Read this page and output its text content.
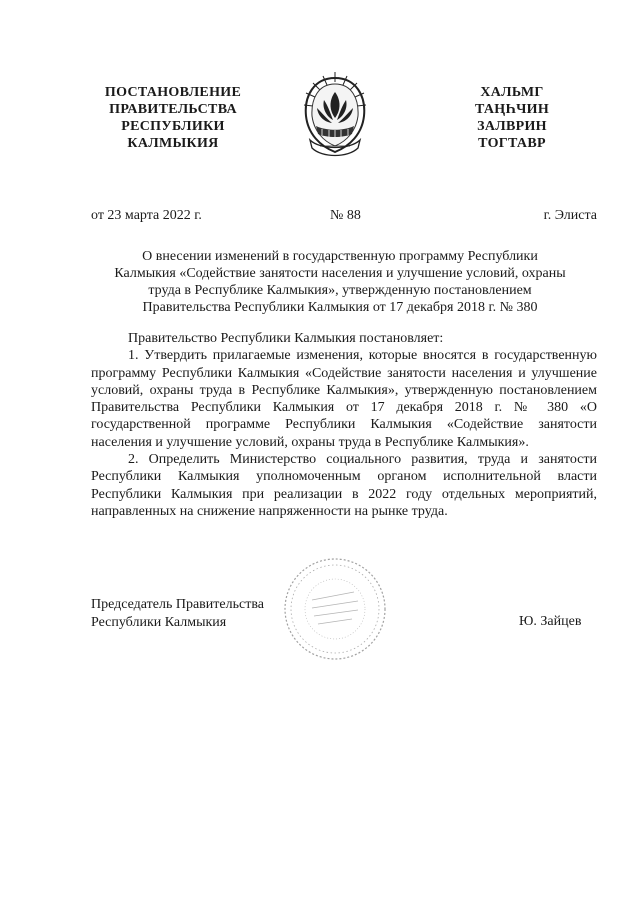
ПОСТАНОВЛЕНИЕ
ПРАВИТЕЛЬСТВА
РЕСПУБЛИКИ
КАЛМЫКИЯ
ХАЛЬМГ
ТАҢҺЧИН
ЗАЛВРИН
ТОГТАВР
от 23 марта 2022 г.	№ 88	г. Элиста
О внесении изменений в государственную программу Республики
Калмыкия «Содействие занятости населения и улучшение условий, охраны
труда в Республике Калмыкия», утвержденную постановлением
Правительства Республики Калмыкия от 17 декабря 2018 г. № 380

Правительство Республики Калмыкия постановляет:

1. Утвердить прилагаемые изменения, которые вносятся в государственную программу Республики Калмыкия «Содействие занятости населения и улучшение условий, охраны труда в Республике Калмыкия», утвержденную постановлением Правительства Республики Калмыкия от 17 декабря 2018 г. № 380 «О государственной программе Республики Калмыкия «Содействие занятости населения и улучшение условий, охраны труда в Республике Калмыкия».

2. Определить Министерство социального развития, труда и занятости Республики Калмыкия уполномоченным органом исполнительной власти Республики Калмыкия при реализации в 2022 году отдельных мероприятий, направленных на снижение напряженности на рынке труда.

Председатель Правительства
Республики Калмыкия	Ю. Зайцев
